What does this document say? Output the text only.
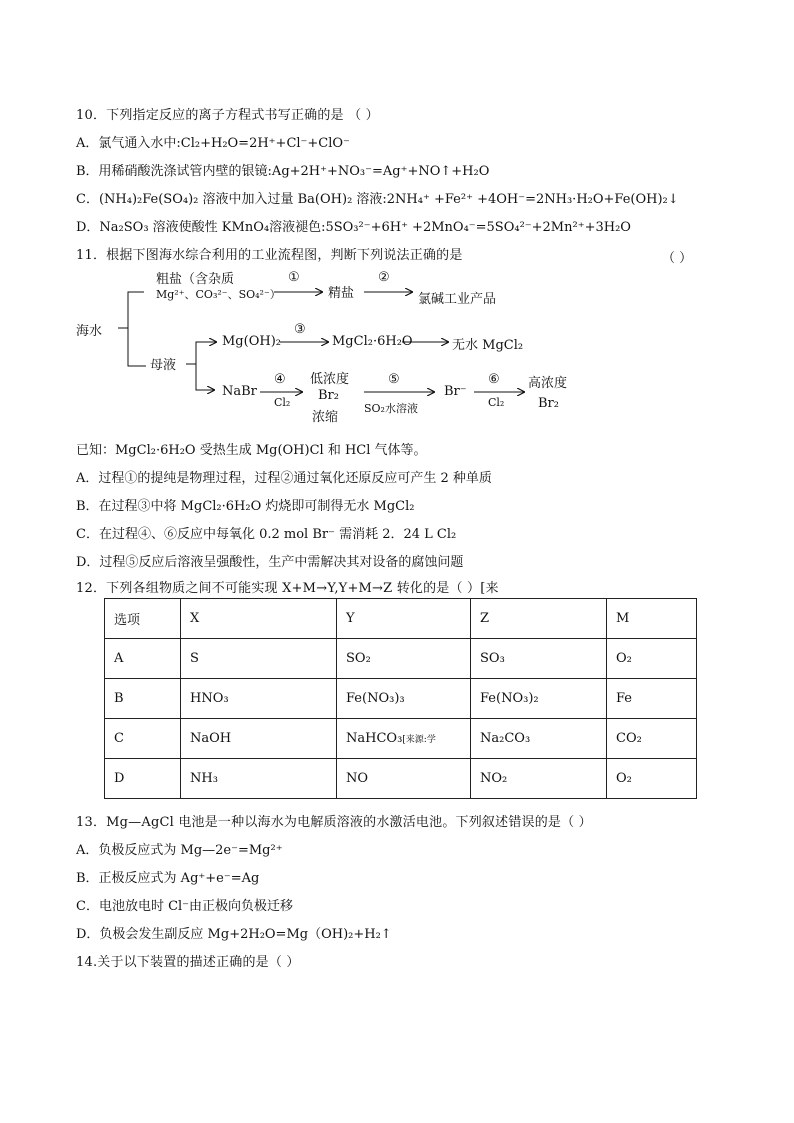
10．下列指定反应的离子方程式书写正确的是 （ ）
A．氯气通入水中:Cl₂+H₂O=2H⁺+Cl⁻+ClO⁻
B．用稀硝酸洗涤试管内壁的银镜:Ag+2H⁺+NO₃⁻=Ag⁺+NO↑+H₂O
C．(NH₄)₂Fe(SO₄)₂ 溶液中加入过量 Ba(OH)₂ 溶液:2NH₄⁺ +Fe²⁺ +4OH⁻=2NH₃·H₂O+Fe(OH)₂↓
D．Na₂SO₃ 溶液使酸性 KMnO₄溶液褪色:5SO₃²⁻+6H⁺ +2MnO₄⁻=5SO₄²⁻+2Mn²⁺+3H₂O
11．根据下图海水综合利用的工业流程图，判断下列说法正确的是	（ ）
海水
粗盐（含杂质
Mg²⁺、CO₃²⁻、SO₄²⁻）
①
精盐
②
氯碱工业产品
母液
Mg(OH)₂
③
MgCl₂·6H₂O	无水 MgCl₂
NaBr
④
Cl₂
低浓度
Br₂
浓缩
⑤
SO₂水溶液
Br⁻
⑥
Cl₂
高浓度
Br₂
已知：MgCl₂·6H₂O 受热生成 Mg(OH)Cl 和 HCl 气体等。
A．过程①的提纯是物理过程，过程②通过氧化还原反应可产生 2 种单质
B．在过程③中将 MgCl₂·6H₂O 灼烧即可制得无水 MgCl₂
C．在过程④、⑥反应中每氧化 0.2 mol Br⁻ 需消耗 2．24 L Cl₂
D．过程⑤反应后溶液呈强酸性，生产中需解决其对设备的腐蚀问题
12．下列各组物质之间不可能实现 X+M→Y,Y+M→Z 转化的是（ ）[来
选项	X	Y	Z	M
A	S	SO₂	SO₃	O₂
B	HNO₃	Fe(NO₃)₃	Fe(NO₃)₂	Fe
C	NaOH	NaHCO₃[来源:学	Na₂CO₃	CO₂
D	NH₃	NO	NO₂	O₂
13．Mg—AgCl 电池是一种以海水为电解质溶液的水激活电池。下列叙述错误的是（ ）
A．负极反应式为 Mg—2e⁻=Mg²⁺
B．正极反应式为 Ag⁺+e⁻=Ag
C．电池放电时 Cl⁻由正极向负极迁移
D．负极会发生副反应 Mg+2H₂O=Mg（OH)₂+H₂↑
14.关于以下装置的描述正确的是（ ）
